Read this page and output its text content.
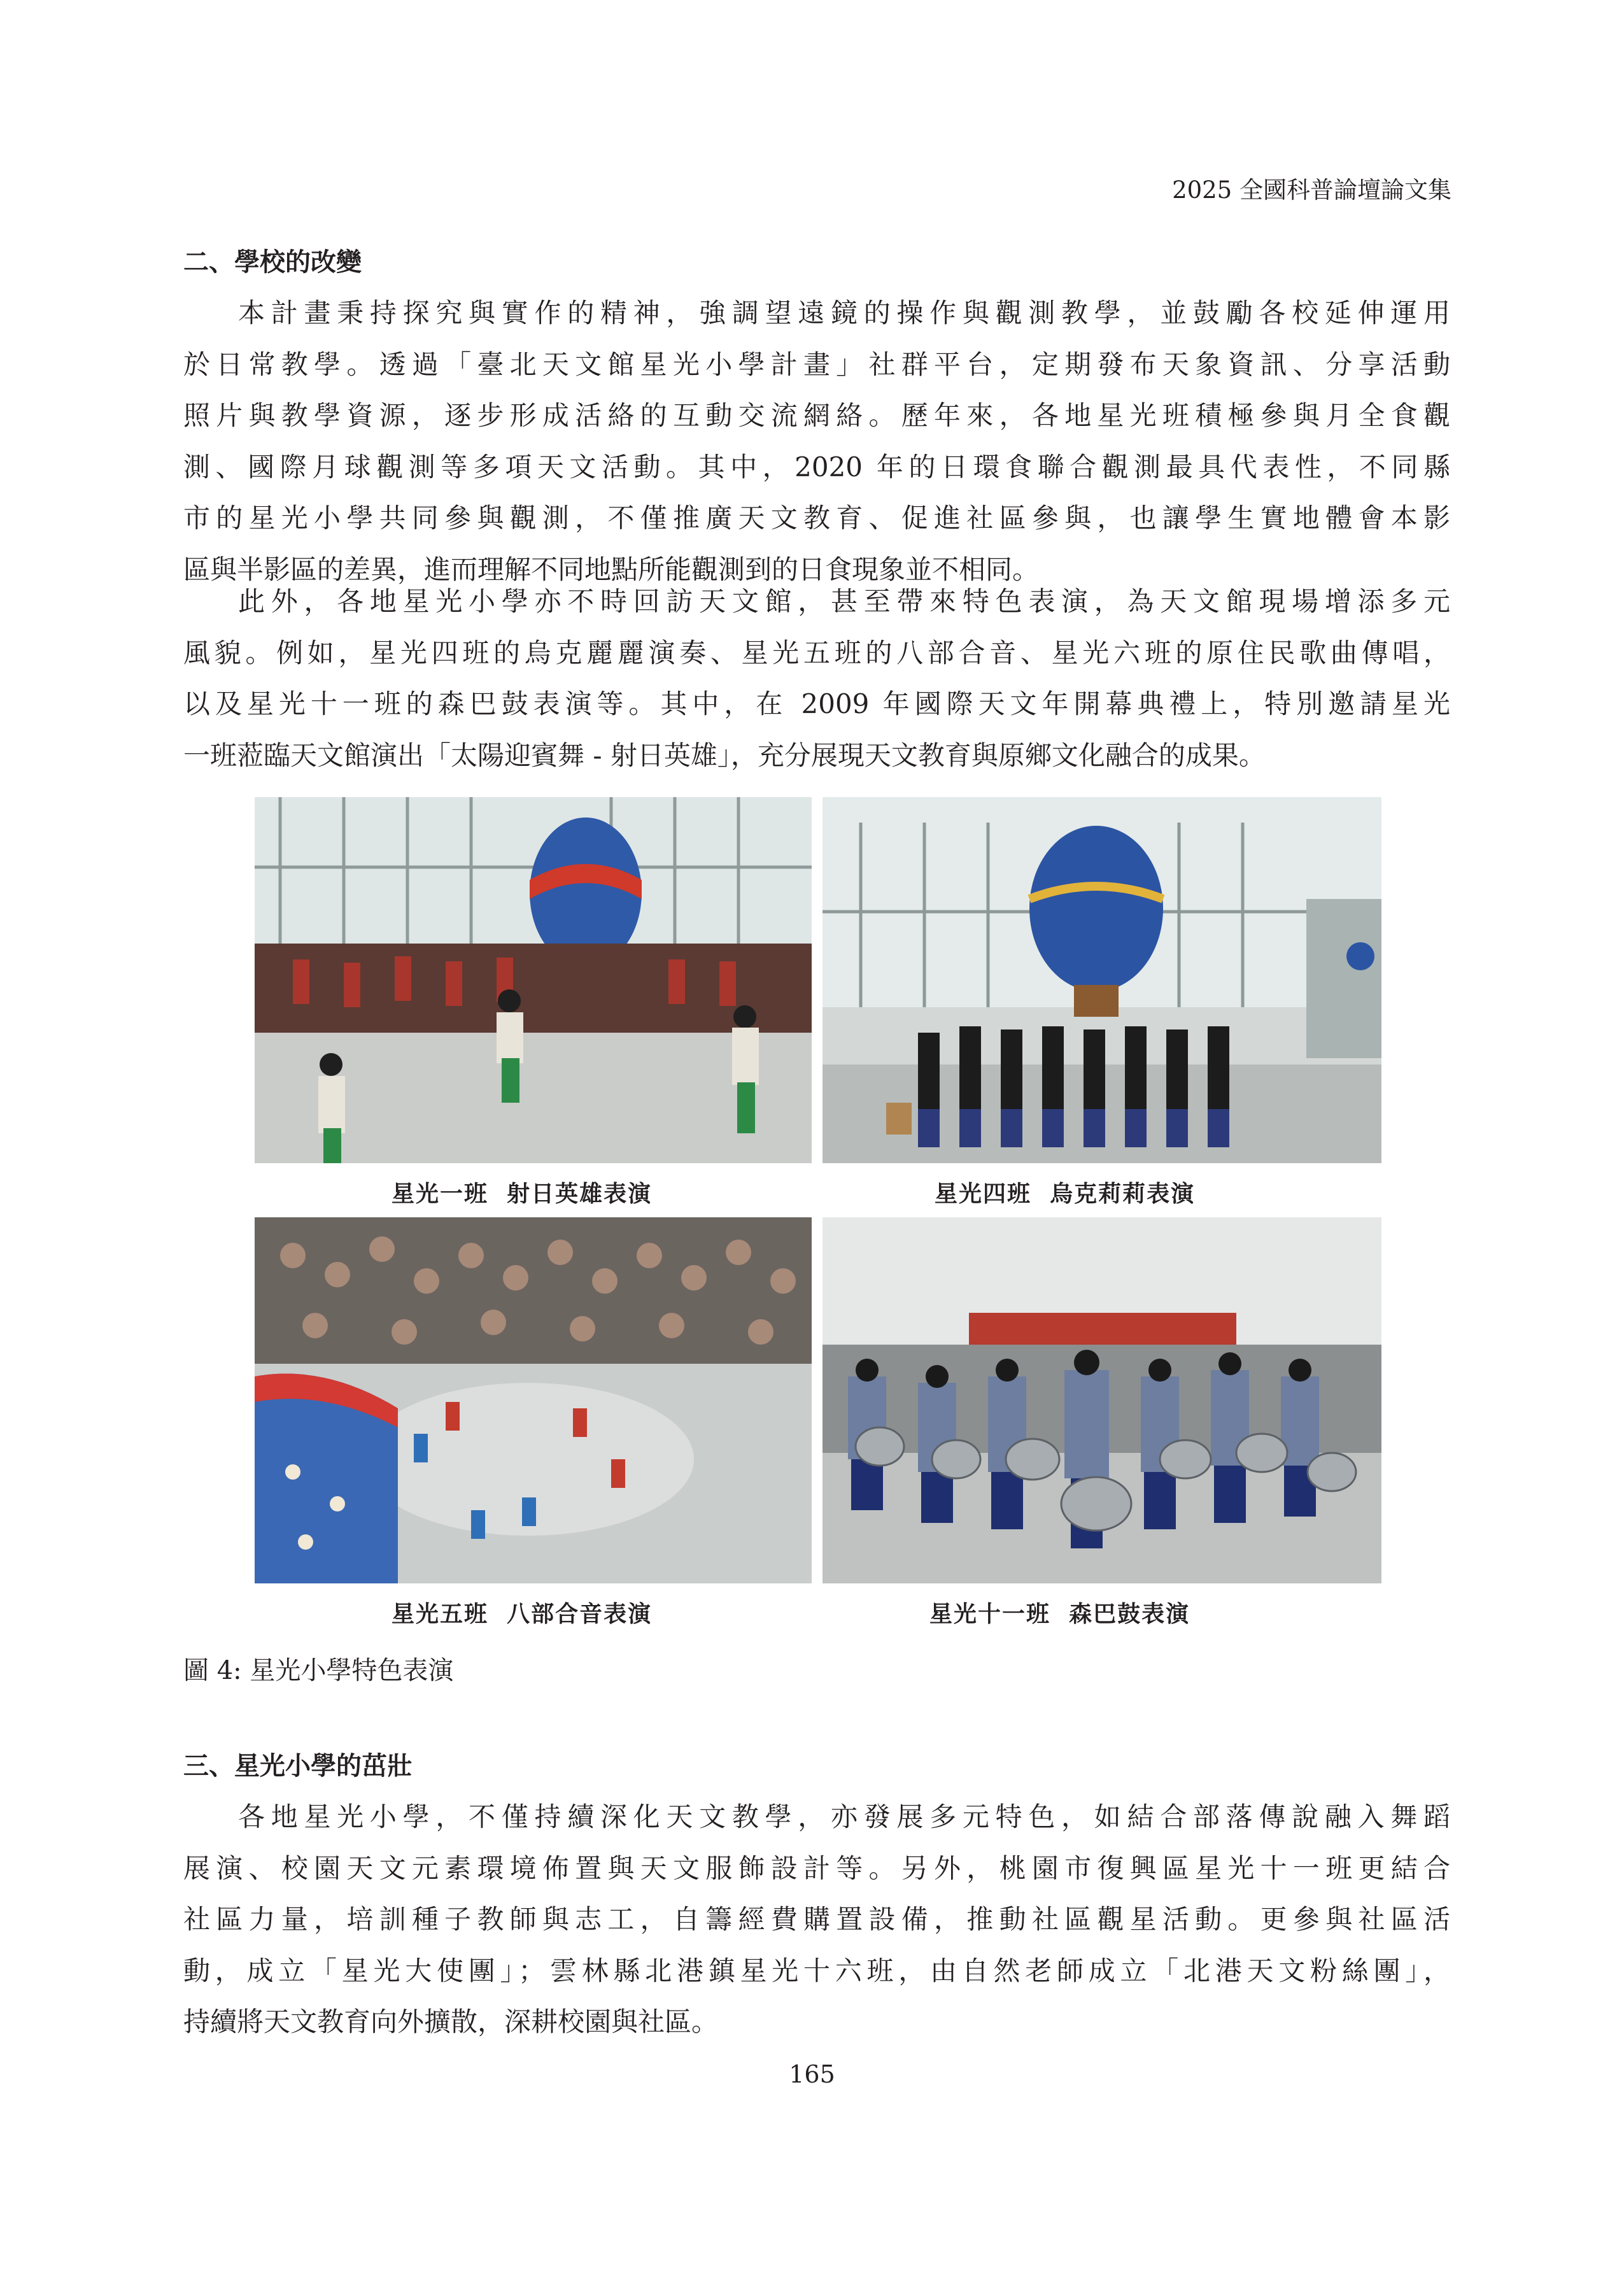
2025 全國科普論壇論文集
二、學校的改變
本計畫秉持探究與實作的精神，強調望遠鏡的操作與觀測教學，並鼓勵各校延伸運用
於日常教學。透過「臺北天文館星光小學計畫」社群平台，定期發布天象資訊、分享活動
照片與教學資源，逐步形成活絡的互動交流網絡。歷年來，各地星光班積極參與月全食觀
測、國際月球觀測等多項天文活動。其中，2020 年的日環食聯合觀測最具代表性，不同縣
市的星光小學共同參與觀測，不僅推廣天文教育、促進社區參與，也讓學生實地體會本影
區與半影區的差異，進而理解不同地點所能觀測到的日食現象並不相同。
此外，各地星光小學亦不時回訪天文館，甚至帶來特色表演，為天文館現場增添多元
風貌。例如，星光四班的烏克麗麗演奏、星光五班的八部合音、星光六班的原住民歌曲傳唱，
以及星光十一班的森巴鼓表演等。其中，在 2009 年國際天文年開幕典禮上，特別邀請星光
一班蒞臨天文館演出「太陽迎賓舞 - 射日英雄」，充分展現天文教育與原鄉文化融合的成果。
星光一班  射日英雄表演	星光四班  烏克莉莉表演
星光五班  八部合音表演	星光十一班  森巴鼓表演
圖 4: 星光小學特色表演
三、星光小學的茁壯
各地星光小學，不僅持續深化天文教學，亦發展多元特色，如結合部落傳說融入舞蹈
展演、校園天文元素環境佈置與天文服飾設計等。另外，桃園市復興區星光十一班更結合
社區力量，培訓種子教師與志工，自籌經費購置設備，推動社區觀星活動。更參與社區活
動，成立「星光大使團」；雲林縣北港鎮星光十六班，由自然老師成立「北港天文粉絲團」，
持續將天文教育向外擴散，深耕校園與社區。
165
